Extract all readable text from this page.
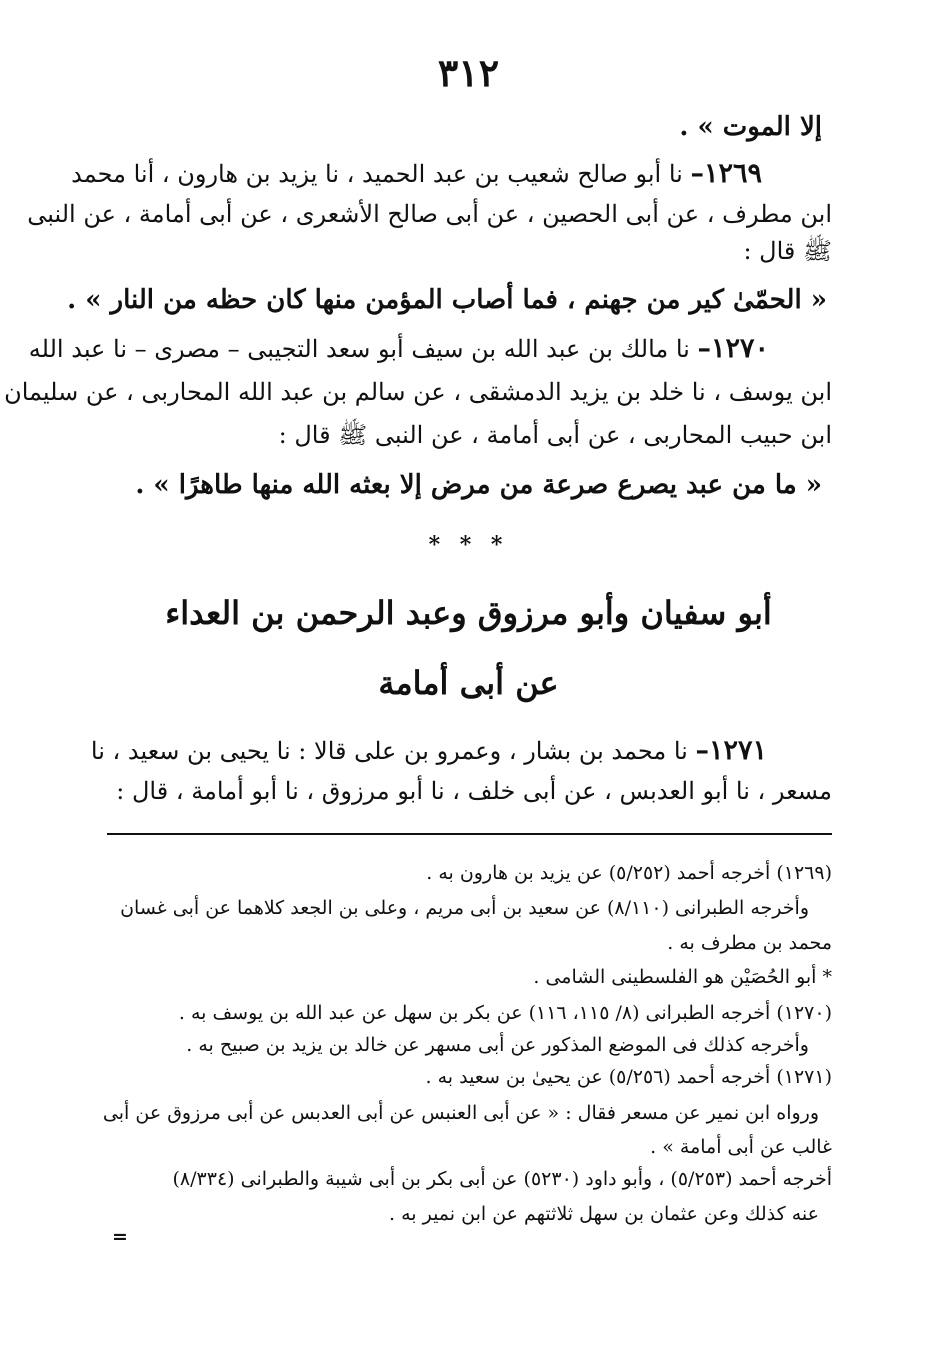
٣١٢
إلا الموت » .
١٢٦٩– نا أبو صالح شعيب بن عبد الحميد ، نا يزيد بن هارون ، أنا محمد
ابن مطرف ، عن أبى الحصين ، عن أبى صالح الأشعرى ، عن أبى أمامة ، عن النبى
ﷺ قال :
« الحمّىٰ كير من جهنم ، فما أصاب المؤمن منها كان حظه من النار » .
١٢٧٠– نا مالك بن عبد الله بن سيف أبو سعد التجيبى – مصرى – نا عبد الله
ابن يوسف ، نا خلد بن يزيد الدمشقى ، عن سالم بن عبد الله المحاربى ، عن سليمان
ابن حبيب المحاربى ، عن أبى أمامة ، عن النبى ﷺ قال :
« ما من عبد يصرع صرعة من مرض إلا بعثه الله منها طاهرًا » .
* * *
أبو سفيان وأبو مرزوق وعبد الرحمن بن العداء
عن أبى أمامة
١٢٧١– نا محمد بن بشار ، وعمرو بن على قالا : نا يحيى بن سعيد ، نا
مسعر ، نا أبو العدبس ، عن أبى خلف ، نا أبو مرزوق ، نا أبو أمامة ، قال :
(١٢٦٩) أخرجه أحمد (٥/٢٥٢) عن يزيد بن هارون به .
وأخرجه الطبرانى (٨/١١٠) عن سعيد بن أبى مريم ، وعلى بن الجعد كلاهما عن أبى غسان
محمد بن مطرف به .
* أبو الحُصَيْن هو الفلسطينى الشامى .
(١٢٧٠) أخرجه الطبرانى (٨/ ١١٥، ١١٦) عن بكر بن سهل عن عبد الله بن يوسف به .
وأخرجه كذلك فى الموضع المذكور عن أبى مسهر عن خالد بن يزيد بن صبيح به .
(١٢٧١) أخرجه أحمد (٥/٢٥٦) عن يحيىٰ بن سعيد به .
ورواه ابن نمير عن مسعر فقال : « عن أبى العنبس عن أبى العدبس عن أبى مرزوق عن أبى
غالب عن أبى أمامة » .
أخرجه أحمد (٥/٢٥٣) ، وأبو داود (٥٢٣٠) عن أبى بكر بن أبى شيبة والطبرانى (٨/٣٣٤)
عنه كذلك وعن عثمان بن سهل ثلاثتهم عن ابن نمير به .
=
